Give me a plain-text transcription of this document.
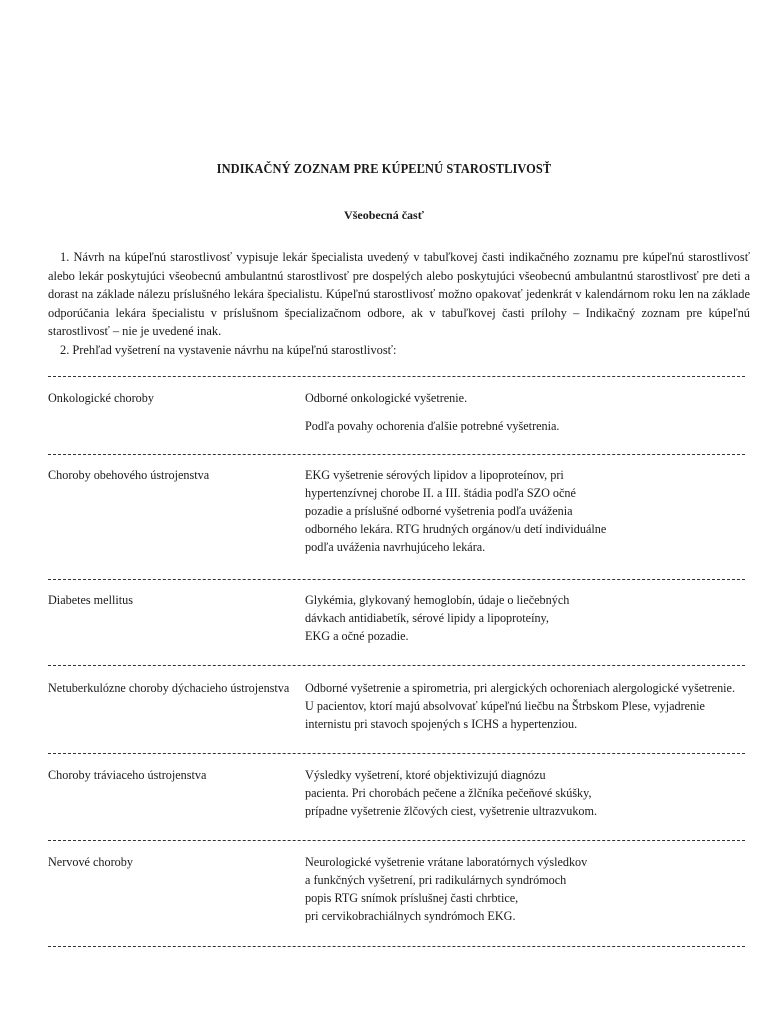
INDIKAČNÝ ZOZNAM PRE KÚPEĽNÚ STAROSTLIVOSŤ
Všeobecná časť
1. Návrh na kúpeľnú starostlivosť vypisuje lekár špecialista uvedený v tabuľkovej časti indikačného zoznamu pre kúpeľnú starostlivosť alebo lekár poskytujúci všeobecnú ambulantnú starostlivosť pre dospelých alebo poskytujúci všeobecnú ambulantnú starostlivosť pre deti a dorast na základe nálezu príslušného lekára špecialistu. Kúpeľnú starostlivosť možno opakovať jedenkrát v kalendárnom roku len na základe odporúčania lekára špecialistu v príslušnom špecializačnom odbore, ak v tabuľkovej časti prílohy – Indikačný zoznam pre kúpeľnú starostlivosť – nie je uvedené inak.
2. Prehľad vyšetrení na vystavenie návrhu na kúpeľnú starostlivosť:
Onkologické choroby	Odborné onkologické vyšetrenie.
Podľa povahy ochorenia ďalšie potrebné vyšetrenia.
Choroby obehového ústrojenstva	EKG vyšetrenie sérových lipidov a lipoproteínov, pri
hypertenzívnej chorobe II. a III. štádia podľa SZO očné
pozadie a príslušné odborné vyšetrenia podľa uváženia
odborného lekára. RTG hrudných orgánov/u detí individuálne
podľa uváženia navrhujúceho lekára.
Diabetes mellitus	Glykémia, glykovaný hemoglobín, údaje o liečebných
dávkach antidiabetík, sérové lipidy a lipoproteíny,
EKG a očné pozadie.
Netuberkulózne choroby dýchacieho ústrojenstva	Odborné vyšetrenie a spirometria, pri alergických ochoreniach alergologické vyšetrenie.
U pacientov, ktorí majú absolvovať kúpeľnú liečbu na Štrbskom Plese, vyjadrenie
internistu pri stavoch spojených s ICHS a hypertenziou.
Choroby tráviaceho ústrojenstva	Výsledky vyšetrení, ktoré objektivizujú diagnózu
pacienta. Pri chorobách pečene a žlčníka pečeňové skúšky,
prípadne vyšetrenie žlčových ciest, vyšetrenie ultrazvukom.
Nervové choroby	Neurologické vyšetrenie vrátane laboratórnych výsledkov
a funkčných vyšetrení, pri radikulárnych syndrómoch
popis RTG snímok príslušnej časti chrbtice,
pri cervikobrachiálnych syndrómoch EKG.
